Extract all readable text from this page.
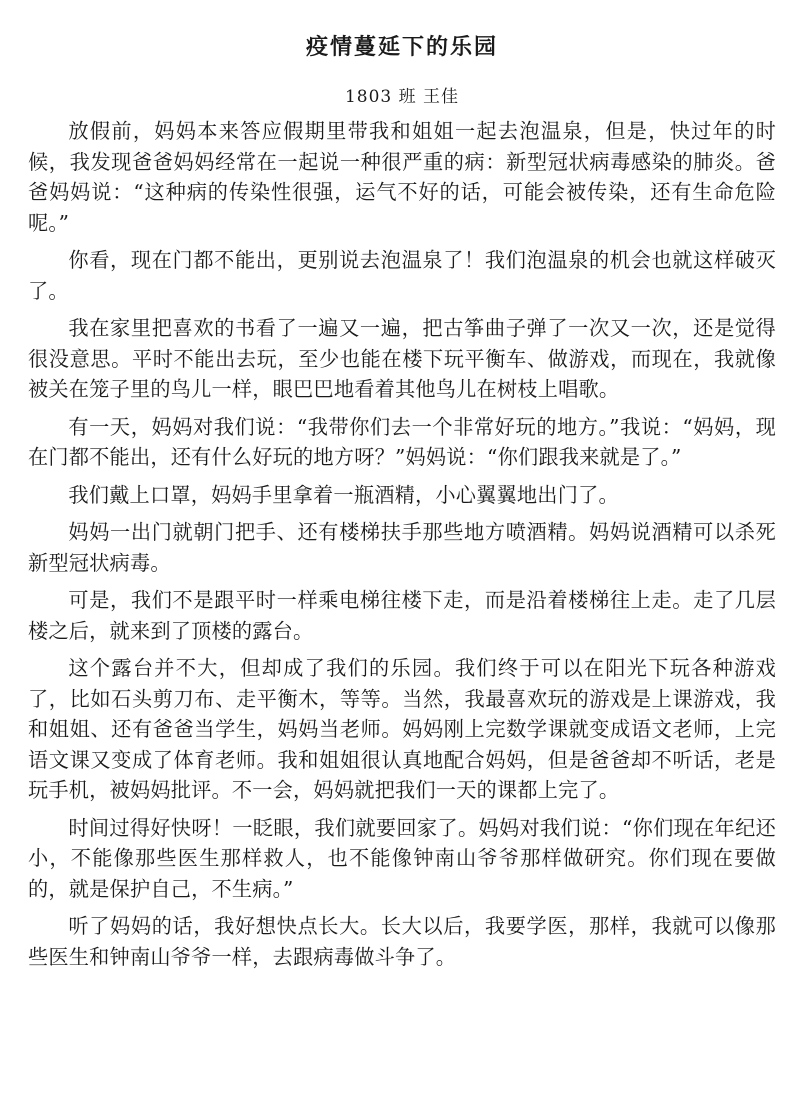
疫情蔓延下的乐园
1803 班 王佳

放假前，妈妈本来答应假期里带我和姐姐一起去泡温泉，但是，快过年的时候，我发现爸爸妈妈经常在一起说一种很严重的病：新型冠状病毒感染的肺炎。爸爸妈妈说：“这种病的传染性很强，运气不好的话，可能会被传染，还有生命危险呢。”

你看，现在门都不能出，更别说去泡温泉了！我们泡温泉的机会也就这样破灭了。

我在家里把喜欢的书看了一遍又一遍，把古筝曲子弹了一次又一次，还是觉得很没意思。平时不能出去玩，至少也能在楼下玩平衡车、做游戏，而现在，我就像被关在笼子里的鸟儿一样，眼巴巴地看着其他鸟儿在树枝上唱歌。

有一天，妈妈对我们说：“我带你们去一个非常好玩的地方。”我说：“妈妈，现在门都不能出，还有什么好玩的地方呀？”妈妈说：“你们跟我来就是了。”

我们戴上口罩，妈妈手里拿着一瓶酒精，小心翼翼地出门了。

妈妈一出门就朝门把手、还有楼梯扶手那些地方喷酒精。妈妈说酒精可以杀死新型冠状病毒。

可是，我们不是跟平时一样乘电梯往楼下走，而是沿着楼梯往上走。走了几层楼之后，就来到了顶楼的露台。

这个露台并不大，但却成了我们的乐园。我们终于可以在阳光下玩各种游戏了，比如石头剪刀布、走平衡木，等等。当然，我最喜欢玩的游戏是上课游戏，我和姐姐、还有爸爸当学生，妈妈当老师。妈妈刚上完数学课就变成语文老师，上完语文课又变成了体育老师。我和姐姐很认真地配合妈妈，但是爸爸却不听话，老是玩手机，被妈妈批评。不一会，妈妈就把我们一天的课都上完了。

时间过得好快呀！一眨眼，我们就要回家了。妈妈对我们说：“你们现在年纪还小，不能像那些医生那样救人，也不能像钟南山爷爷那样做研究。你们现在要做的，就是保护自己，不生病。”

听了妈妈的话，我好想快点长大。长大以后，我要学医，那样，我就可以像那些医生和钟南山爷爷一样，去跟病毒做斗争了。
